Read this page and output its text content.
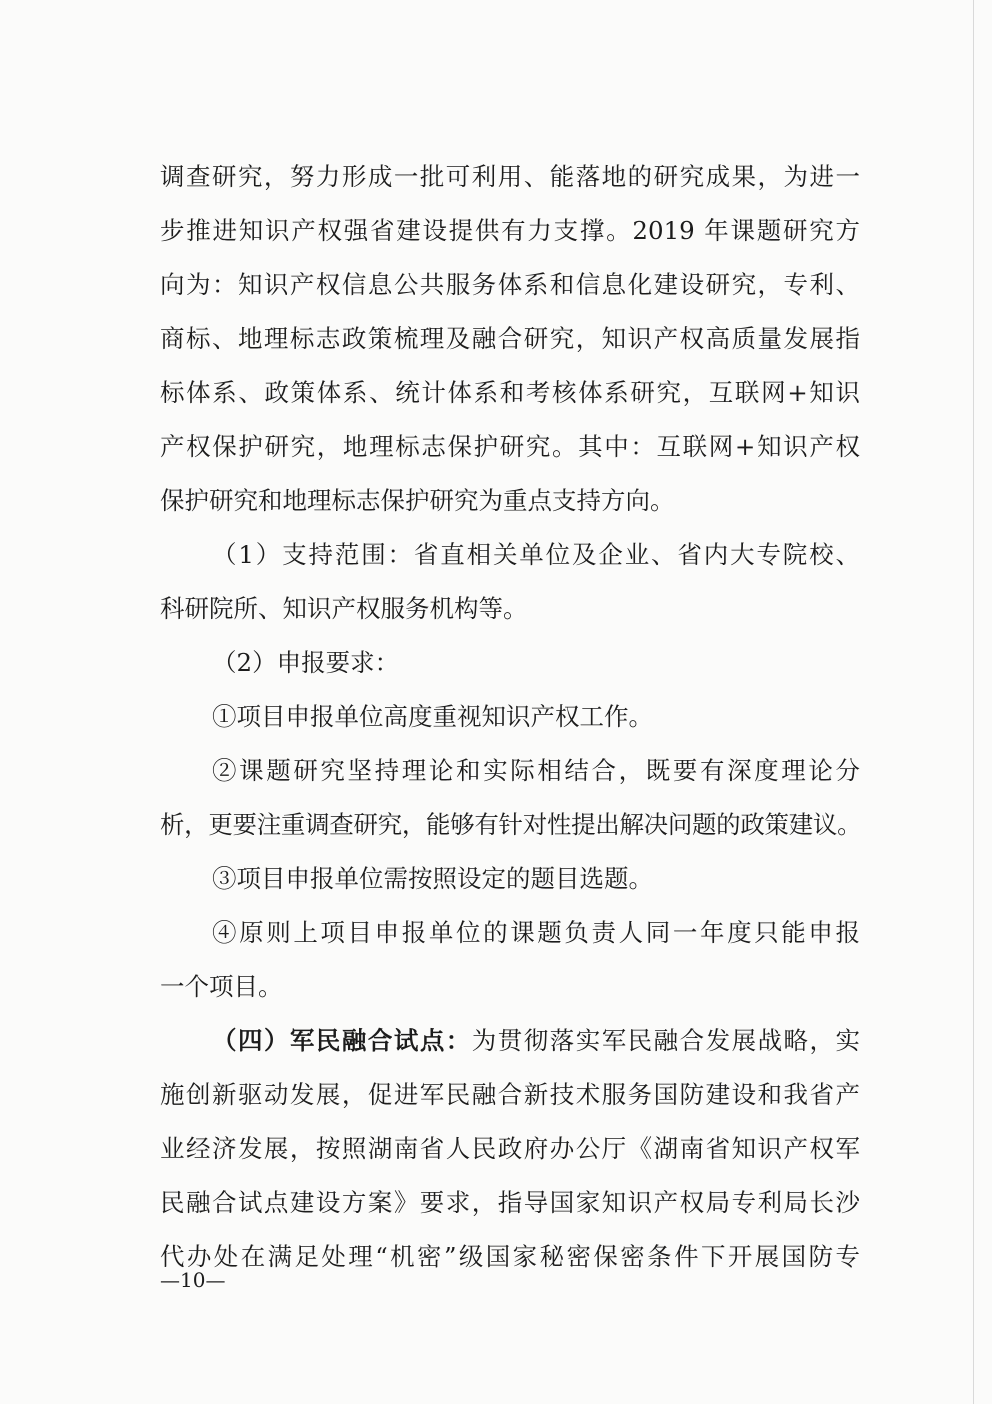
调查研究，努力形成一批可利用、能落地的研究成果，为进一
步推进知识产权强省建设提供有力支撑。2019 年课题研究方
向为：知识产权信息公共服务体系和信息化建设研究，专利、
商标、地理标志政策梳理及融合研究，知识产权高质量发展指
标体系、政策体系、统计体系和考核体系研究，互联网+知识
产权保护研究，地理标志保护研究。其中：互联网+知识产权
保护研究和地理标志保护研究为重点支持方向。
（1）支持范围：省直相关单位及企业、省内大专院校、
科研院所、知识产权服务机构等。
（2）申报要求：
①项目申报单位高度重视知识产权工作。
②课题研究坚持理论和实际相结合，既要有深度理论分
析，更要注重调查研究，能够有针对性提出解决问题的政策建议。
③项目申报单位需按照设定的题目选题。
④原则上项目申报单位的课题负责人同一年度只能申报
一个项目。
（四）军民融合试点：为贯彻落实军民融合发展战略，实
施创新驱动发展，促进军民融合新技术服务国防建设和我省产
业经济发展，按照湖南省人民政府办公厅《湖南省知识产权军
民融合试点建设方案》要求，指导国家知识产权局专利局长沙
代办处在满足处理“机密”级国家秘密保密条件下开展国防专
—10—
